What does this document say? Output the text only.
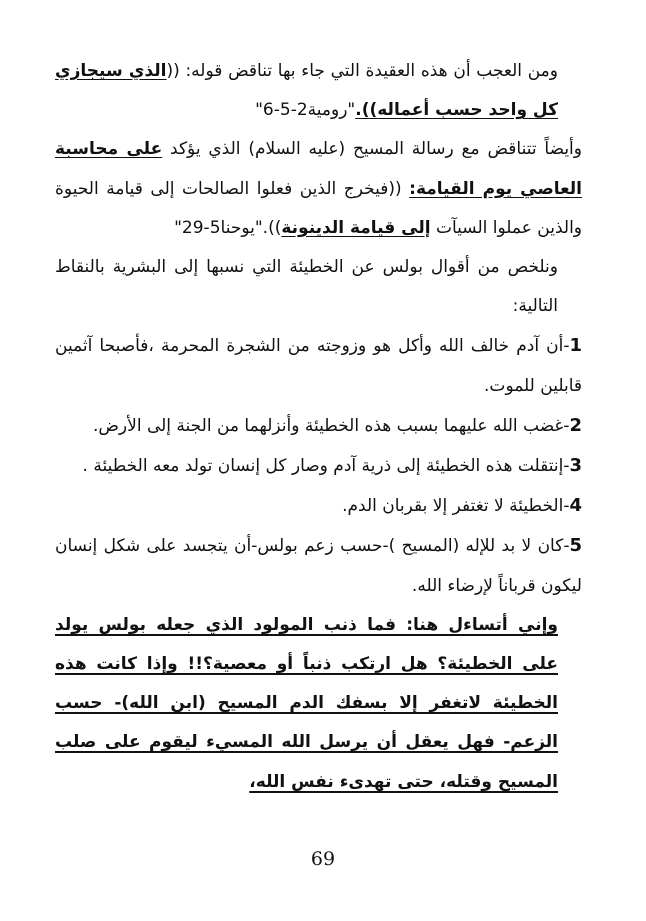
ومن العجب أن هذه العقيدة التي جاء بها تناقض قوله: ((الذي سيجازي كل واحد حسب أعماله))."رومية2-5-6"

وأيضاً تتناقض مع رسالة المسيح (عليه السلام) الذي يؤكد على محاسبة العاصي يوم القيامة: ((فيخرج الذين فعلوا الصالحات إلى قيامة الحيوة والذين عملوا السيآت إلى قيامة الدينونة))."يوحنا5-29"

ونلخص من أقوال بولس عن الخطيئة التي نسبها إلى البشرية بالنقاط التالية:

1-أن آدم خالف الله وأكل هو وزوجته من الشجرة المحرمة ،فأصبحا آثمين قابلين للموت.

2-غضب الله عليهما بسبب هذه الخطيئة وأنزلهما من الجنة إلى الأرض.

3-إنتقلت هذه الخطيئة إلى ذرية آدم وصار كل إنسان تولد معه الخطيئة .

4-الخطيئة لا تغتفر إلا بقربان الدم.

5-كان لا بد للإله (المسيح )-حسب زعم بولس-أن يتجسد على شكل إنسان ليكون قرباناً لإرضاء الله.

وإني أتساءل هنا: فما ذنب المولود الذي جعله بولس يولد على الخطيئة؟ هل ارتكب ذنباً أو معصية؟!! وإذا كانت هذه الخطيئة لاتغفر إلا بسفك الدم المسيح (ابن الله)- حسب الزعم- فهل يعقل أن يرسل الله المسيء ليقوم على صلب المسيح وقتله، حتى تهدىء نفس الله،

69
